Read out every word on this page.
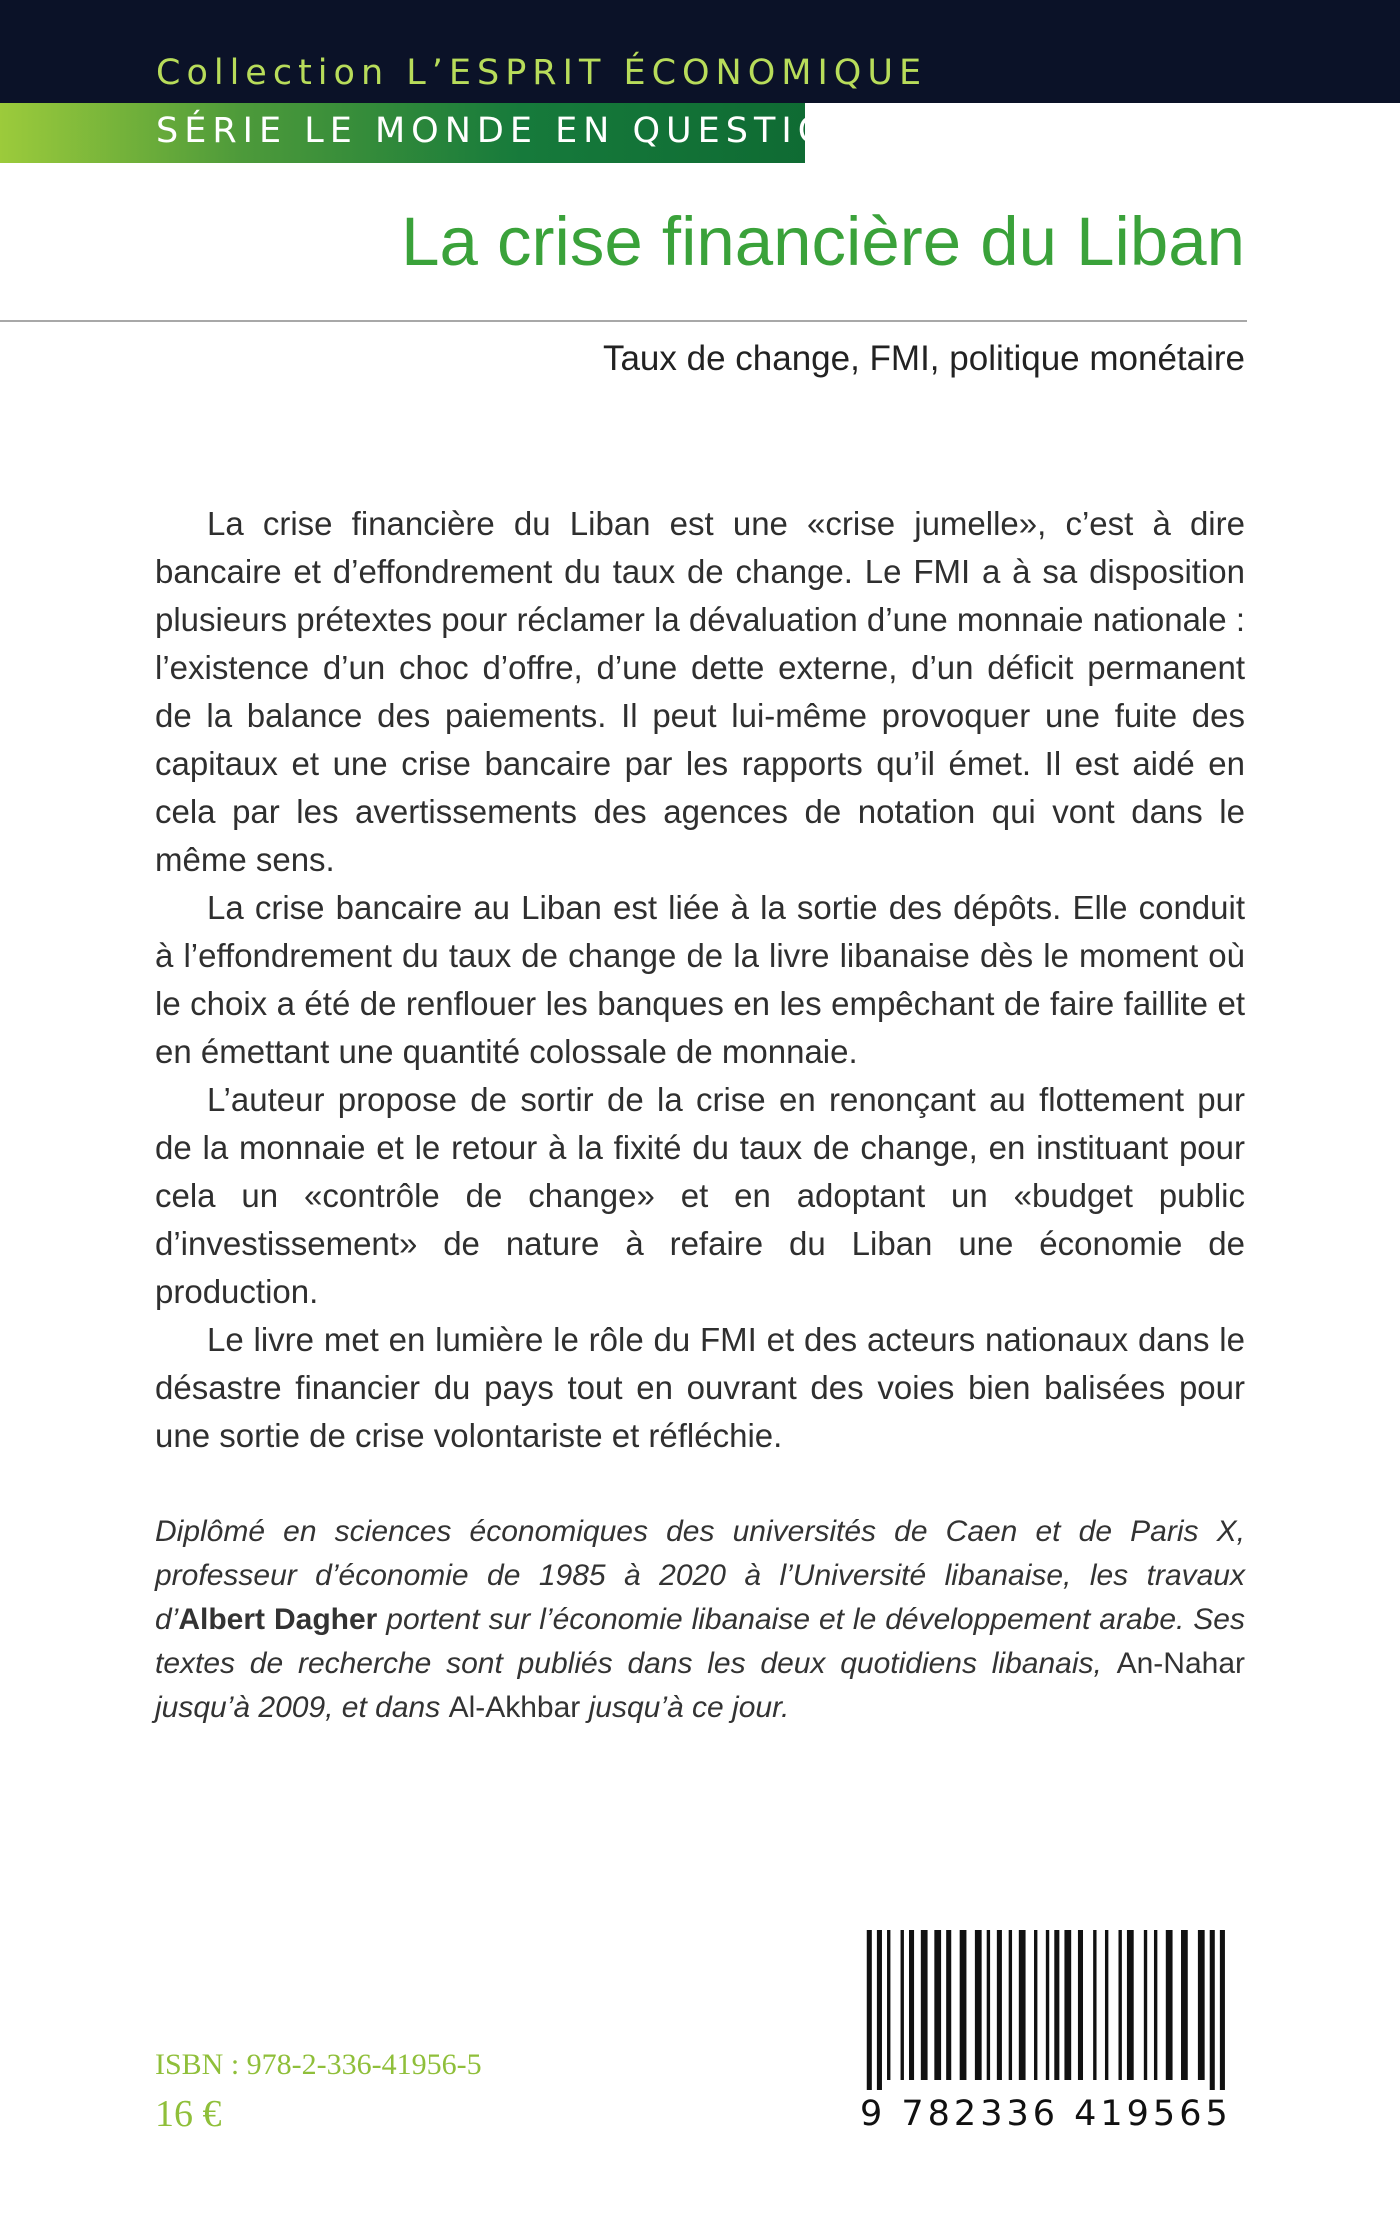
Collection L’ESPRIT ÉCONOMIQUE
SÉRIE LE MONDE EN QUESTION
La crise financière du Liban
Taux de change, FMI, politique monétaire

La crise financière du Liban est une «crise jumelle», c’est à dire bancaire et d’effondrement du taux de change. Le FMI a à sa disposition plusieurs prétextes pour réclamer la dévaluation d’une monnaie nationale : l’existence d’un choc d’offre, d’une dette externe, d’un déficit permanent de la balance des paiements. Il peut lui-même provoquer une fuite des capitaux et une crise bancaire par les rapports qu’il émet. Il est aidé en cela par les avertissements des agences de notation qui vont dans le même sens.

La crise bancaire au Liban est liée à la sortie des dépôts. Elle conduit à l’effondrement du taux de change de la livre libanaise dès le moment où le choix a été de renflouer les banques en les empêchant de faire faillite et en émettant une quantité colossale de monnaie.

L’auteur propose de sortir de la crise en renonçant au flottement pur de la monnaie et le retour à la fixité du taux de change, en instituant pour cela un «contrôle de change» et en adoptant un «budget public d’investissement» de nature à refaire du Liban une économie de production.

Le livre met en lumière le rôle du FMI et des acteurs nationaux dans le désastre financier du pays tout en ouvrant des voies bien balisées pour une sortie de crise volontariste et réfléchie.

Diplômé en sciences économiques des universités de Caen et de Paris X, professeur d’économie de 1985 à 2020 à l’Université libanaise, les travaux d’Albert Dagher portent sur l’économie libanaise et le développement arabe. Ses textes de recherche sont publiés dans les deux quotidiens libanais, An-Nahar jusqu’à 2009, et dans Al-Akhbar jusqu’à ce jour.
ISBN : 978-2-336-41956-5
16 €	9 782336 419565
